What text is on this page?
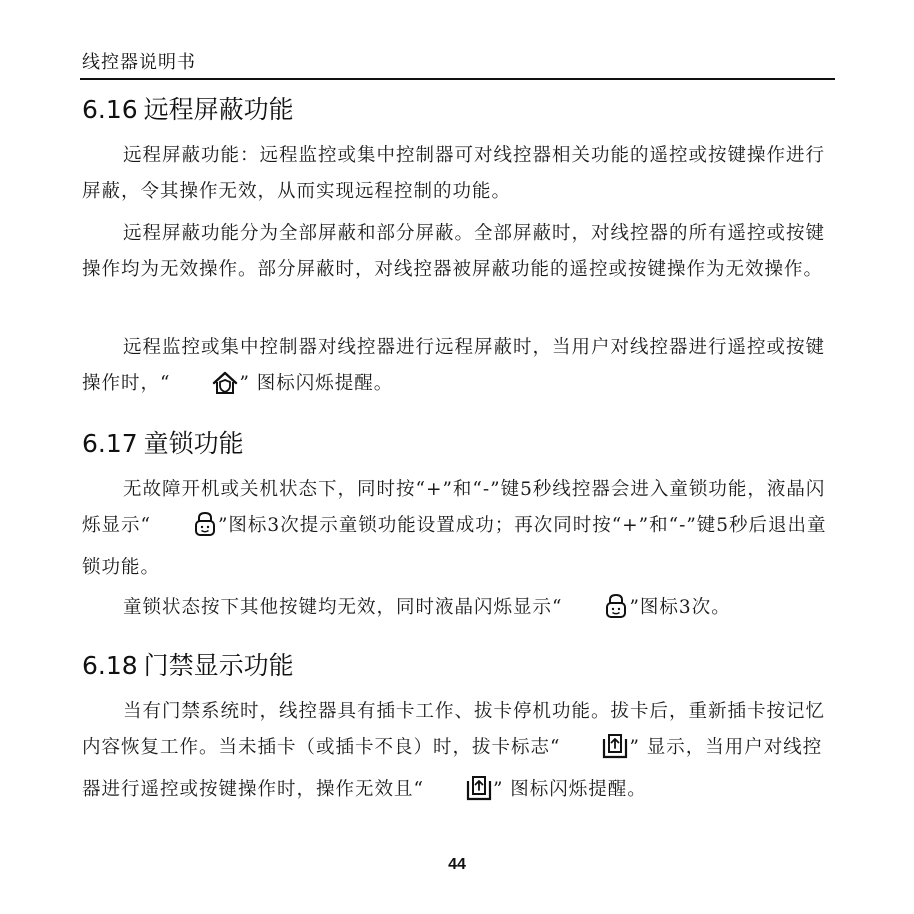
线控器说明书
6.16 远程屏蔽功能

远程屏蔽功能：远程监控或集中控制器可对线控器相关功能的遥控或按键操作进行屏蔽，令其操作无效，从而实现远程控制的功能。

远程屏蔽功能分为全部屏蔽和部分屏蔽。全部屏蔽时，对线控器的所有遥控或按键操作均为无效操作。部分屏蔽时，对线控器被屏蔽功能的遥控或按键操作为无效操作。

远程监控或集中控制器对线控器进行远程屏蔽时，当用户对线控器进行遥控或按键操作时，“	” 图标闪烁提醒。

6.17 童锁功能

无故障开机或关机状态下，同时按“+”和“-”键5秒线控器会进入童锁功能，液晶闪烁显示“	”图标3次提示童锁功能设置成功；再次同时按“+”和“-”键5秒后退出童锁功能。

童锁状态按下其他按键均无效，同时液晶闪烁显示“	”图标3次。

6.18 门禁显示功能

当有门禁系统时，线控器具有插卡工作、拔卡停机功能。拔卡后，重新插卡按记忆内容恢复工作。当未插卡（或插卡不良）时，拔卡标志“	” 显示，当用户对线控器进行遥控或按键操作时，操作无效且“	” 图标闪烁提醒。

44
